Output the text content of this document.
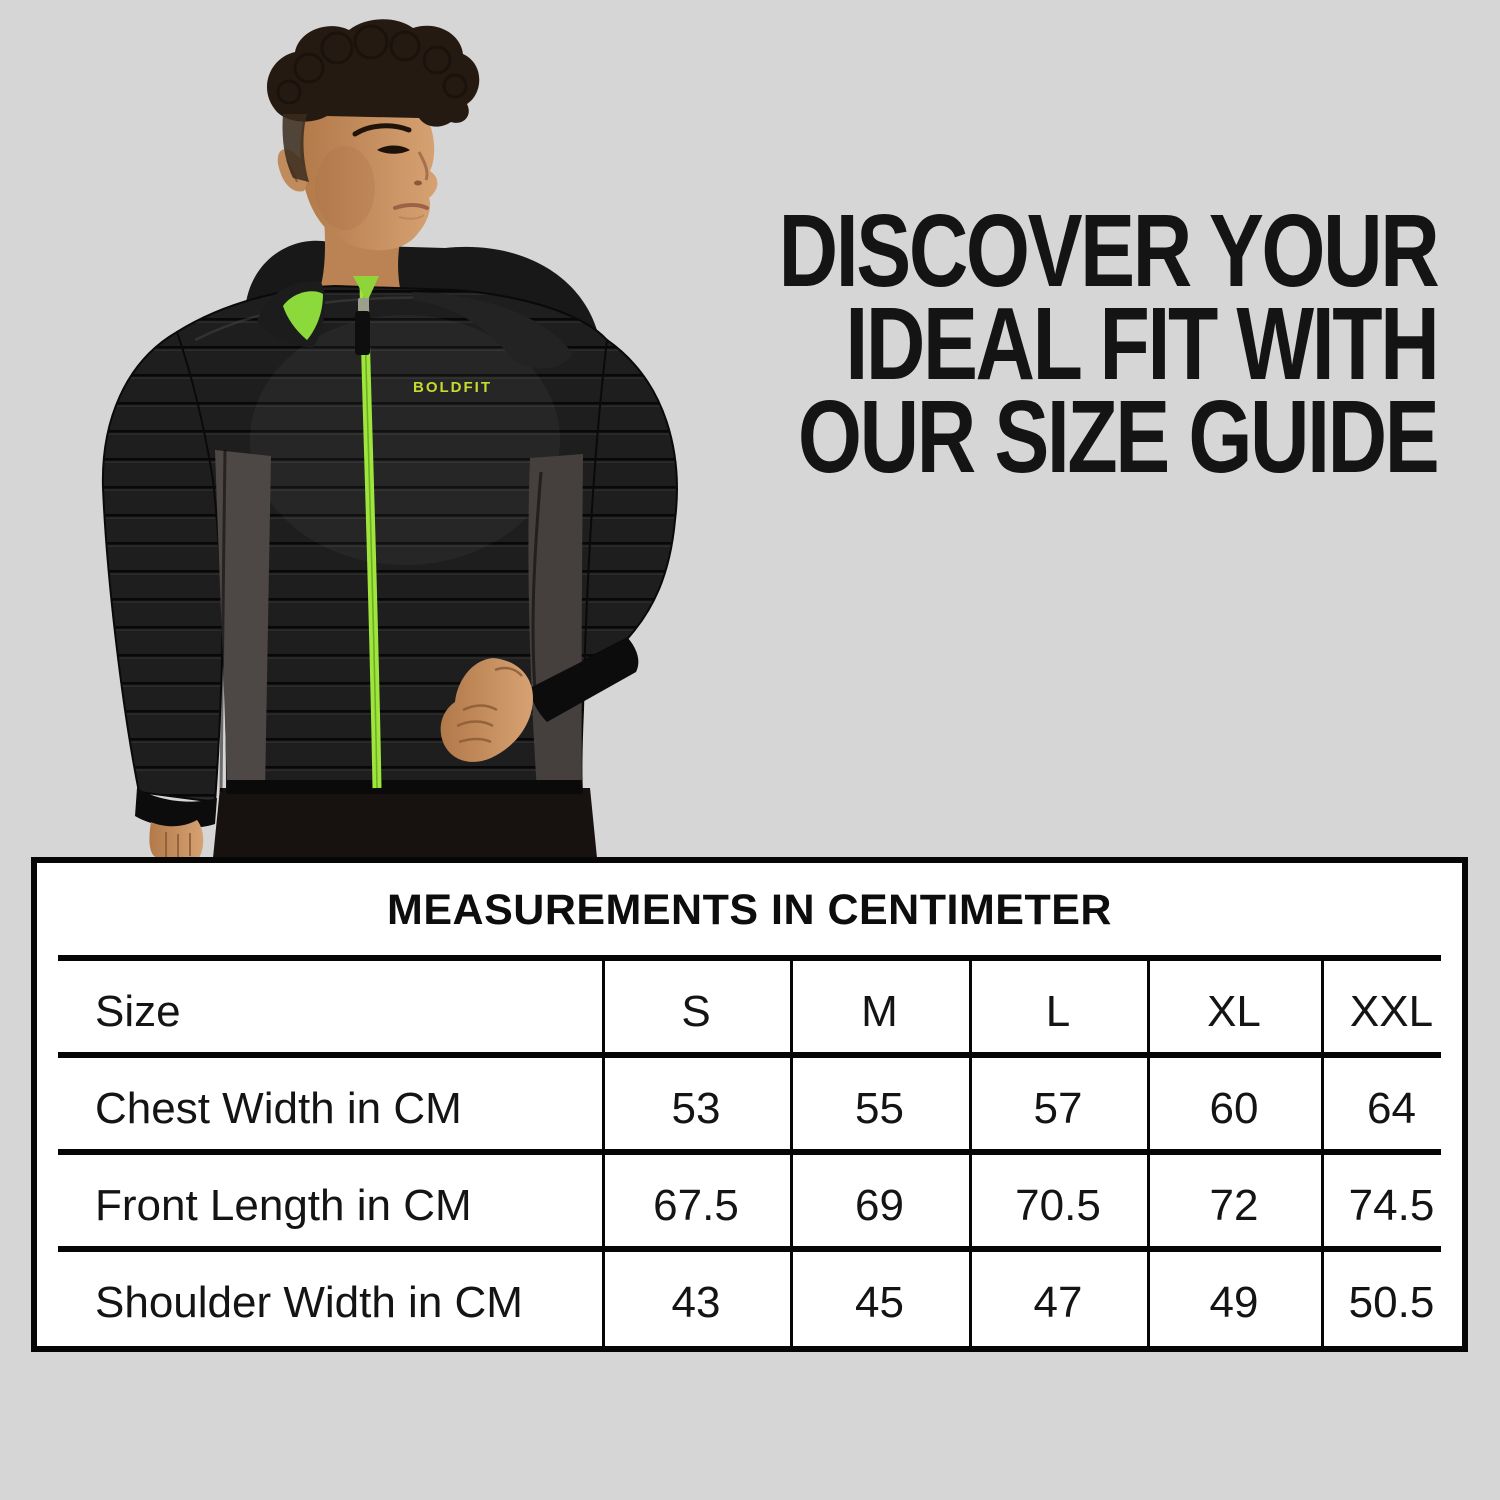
BOLDFIT
DISCOVER YOUR
IDEAL FIT WITH
OUR SIZE GUIDE
MEASUREMENTS IN CENTIMETER
Size	S	M	L	XL	XXL
Chest Width in CM	53	55	57	60	64
Front Length in CM	67.5	69	70.5	72	74.5
Shoulder Width in CM	43	45	47	49	50.5
